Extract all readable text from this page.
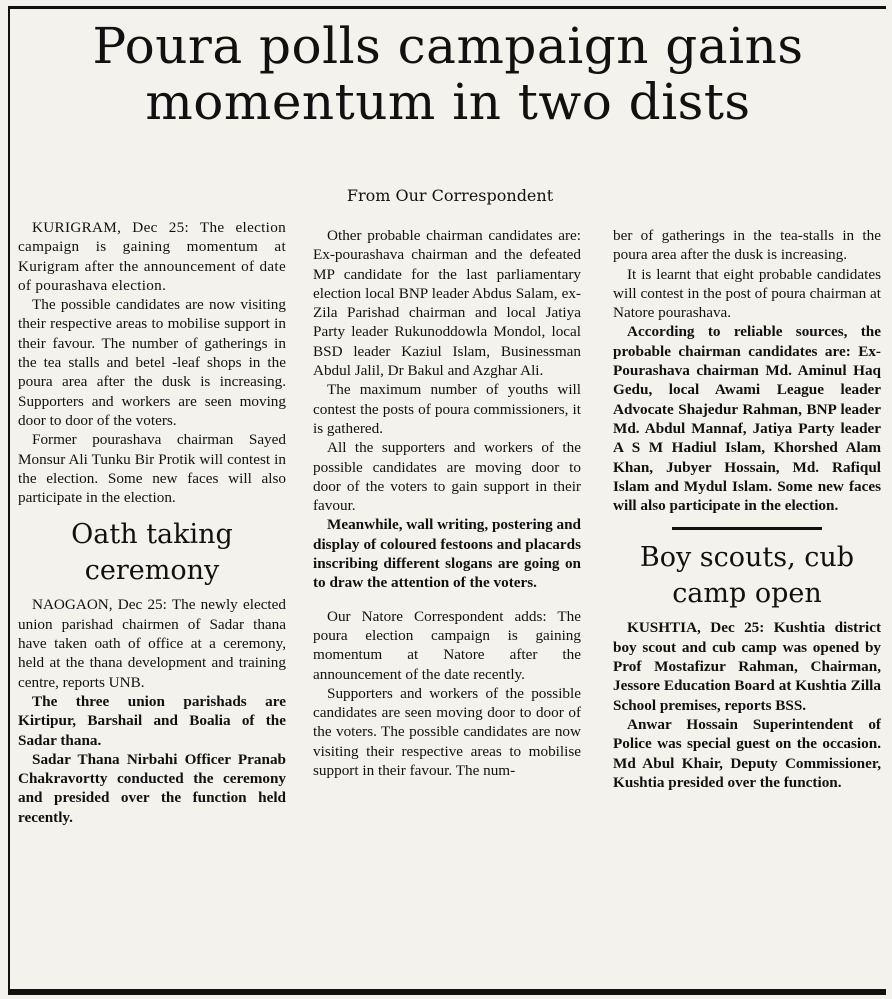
Poura polls campaign gains momentum in two dists
From Our Correspondent

KURIGRAM, Dec 25: The election campaign is gaining momentum at Kurigram after the announcement of date of pourashava election.

The possible candidates are now visiting their respective areas to mobilise support in their favour. The number of gatherings in the tea stalls and betel -leaf shops in the poura area after the dusk is increasing. Supporters and workers are seen moving door to door of the voters.

Former pourashava chairman Sayed Monsur Ali Tunku Bir Protik will contest in the election. Some new faces will also participate in the election.

Oath taking ceremony

NAOGAON, Dec 25: The newly elected union parishad chairmen of Sadar thana have taken oath of office at a ceremony, held at the thana development and training centre, reports UNB.

The three union parishads are Kirtipur, Barshail and Boalia of the Sadar thana.

Sadar Thana Nirbahi Officer Pranab Chakravortty conducted the ceremony and presided over the function held recently.

Other probable chairman candidates are: Ex-pourashava chairman and the defeated MP candidate for the last parliamentary election local BNP leader Abdus Salam, ex-Zila Parishad chairman and local Jatiya Party leader Rukunoddowla Mondol, local BSD leader Kaziul Islam, Businessman Abdul Jalil, Dr Bakul and Azghar Ali.

The maximum number of youths will contest the posts of poura commissioners, it is gathered.

All the supporters and workers of the possible candidates are moving door to door of the voters to gain support in their favour.

Meanwhile, wall writing, postering and display of coloured festoons and placards inscribing different slogans are going on to draw the attention of the voters.

Our Natore Correspondent adds: The poura election campaign is gaining momentum at Natore after the announcement of the date recently.

Supporters and workers of the possible candidates are seen moving door to door of the voters. The possible candidates are now visiting their respective areas to mobilise support in their favour. The num-

ber of gatherings in the tea-stalls in the poura area after the dusk is increasing.

It is learnt that eight probable candidates will contest in the post of poura chairman at Natore pourashava.

According to reliable sources, the probable chairman candidates are: Ex-Pourashava chairman Md. Aminul Haq Gedu, local Awami League leader Advocate Shajedur Rahman, BNP leader Md. Abdul Mannaf, Jatiya Party leader A S M Hadiul Islam, Khorshed Alam Khan, Jubyer Hossain, Md. Rafiqul Islam and Mydul Islam. Some new faces will also participate in the election.

Boy scouts, cub camp open

KUSHTIA, Dec 25: Kushtia district boy scout and cub camp was opened by Prof Mostafizur Rahman, Chairman, Jessore Education Board at Kushtia Zilla School premises, reports BSS.

Anwar Hossain Superintendent of Police was special guest on the occasion. Md Abul Khair, Deputy Commissioner, Kushtia presided over the function.
